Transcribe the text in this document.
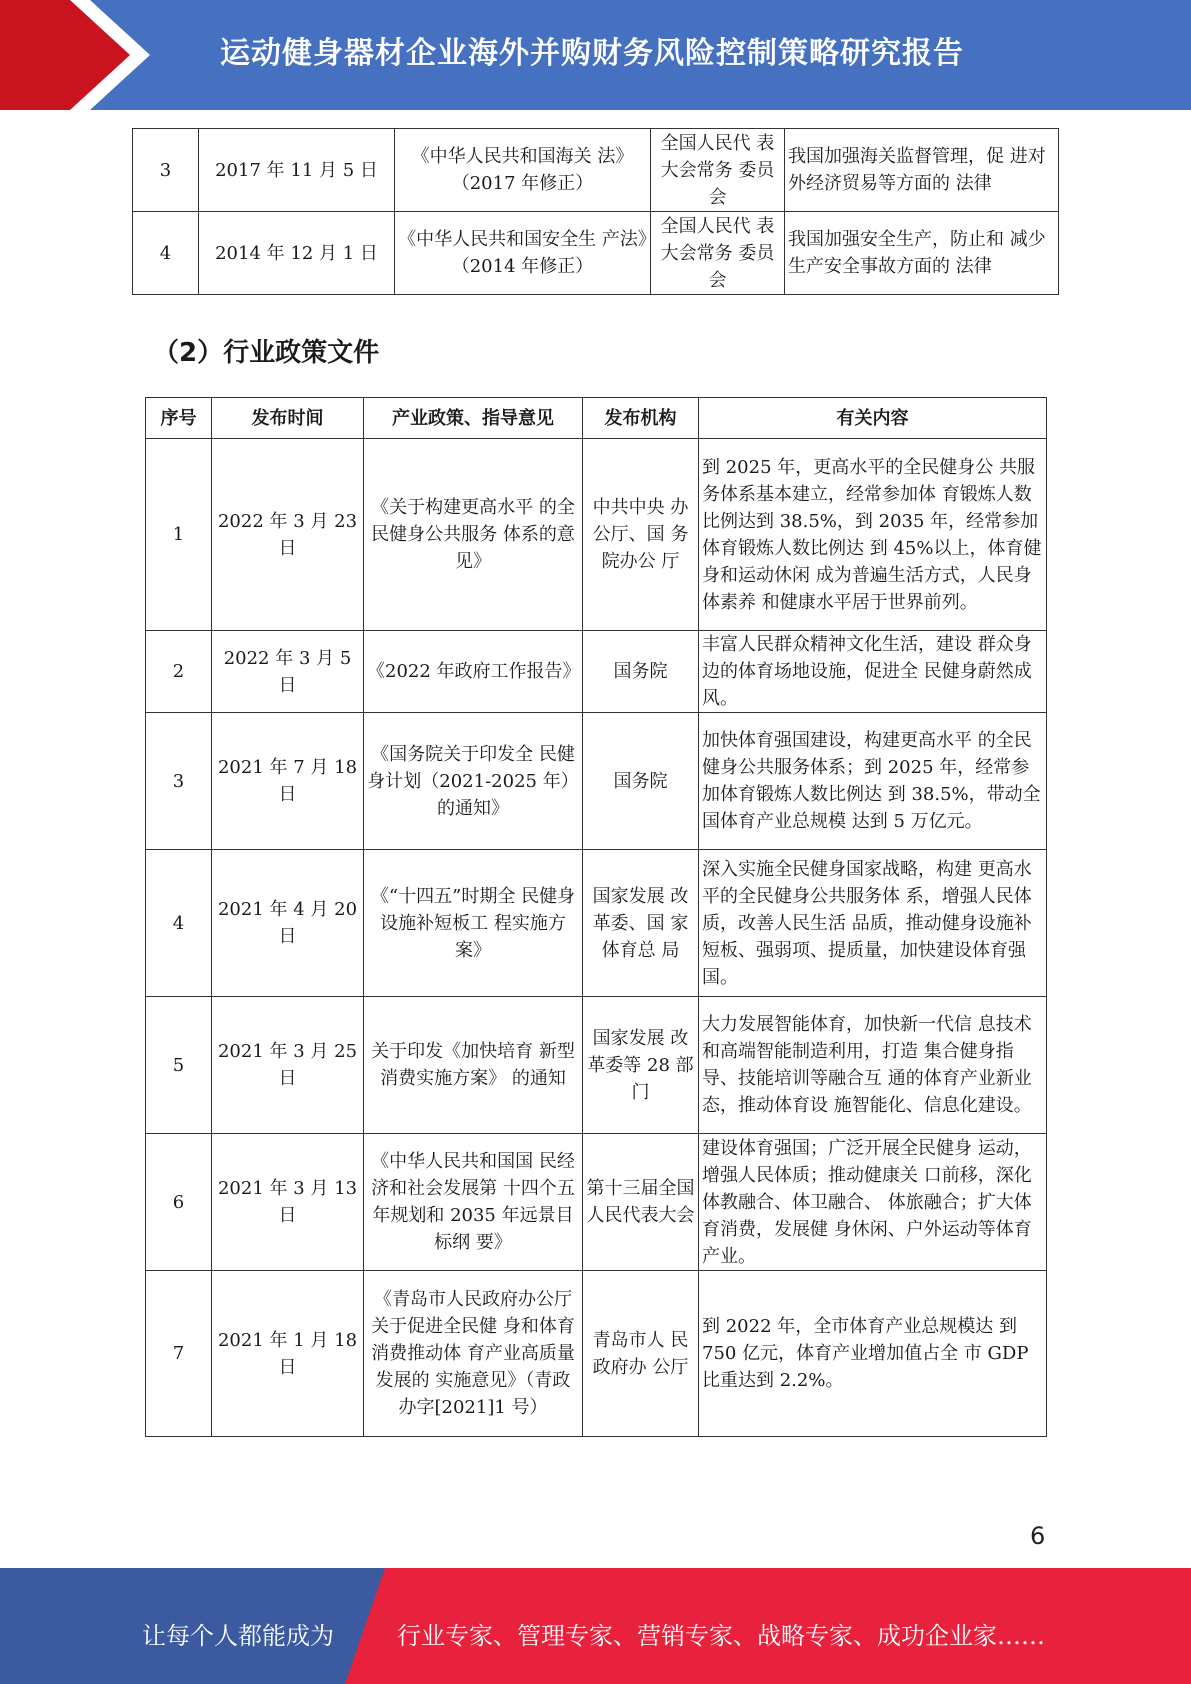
运动健身器材企业海外并购财务风险控制策略研究报告
3	2017 年 11 月 5 日	《中华人民共和国海关 法》（2017 年修正）	全国人民代 表大会常务 委员会	我国加强海关监督管理，促 进对外经济贸易等方面的 法律
4	2014 年 12 月 1 日	《中华人民共和国安全生 产法》（2014 年修正）	全国人民代 表大会常务 委员会	我国加强安全生产，防止和 减少生产安全事故方面的 法律
（2）行业政策文件
序号	发布时间	产业政策、指导意见	发布机构	有关内容
1	2022 年 3 月 23 日	《关于构建更高水平 的全民健身公共服务 体系的意见》	中共中央 办公厅、国 务院办公 厅	到 2025 年，更高水平的全民健身公 共服务体系基本建立，经常参加体 育锻炼人数比例达到 38.5%，到 2035 年，经常参加体育锻炼人数比例达 到 45%以上，体育健身和运动休闲 成为普遍生活方式，人民身体素养 和健康水平居于世界前列。
2	2022 年 3 月 5 日	《2022 年政府工作报告》	国务院	丰富人民群众精神文化生活，建设 群众身边的体育场地设施，促进全 民健身蔚然成风。
3	2021 年 7 月 18 日	《国务院关于印发全 民健身计划（2021-2025 年）的通知》	国务院	加快体育强国建设，构建更高水平 的全民健身公共服务体系；到 2025 年，经常参加体育锻炼人数比例达 到 38.5%，带动全国体育产业总规模 达到 5 万亿元。
4	2021 年 4 月 20 日	《“十四五”时期全 民健身设施补短板工 程实施方案》	国家发展 改革委、国 家体育总 局	深入实施全民健身国家战略，构建 更高水平的全民健身公共服务体 系，增强人民体质，改善人民生活 品质，推动健身设施补短板、强弱项、提质量，加快建设体育强国。
5	2021 年 3 月 25 日	关于印发《加快培育 新型消费实施方案》 的通知	国家发展 改革委等 28 部门	大力发展智能体育，加快新一代信 息技术和高端智能制造利用，打造 集合健身指导、技能培训等融合互 通的体育产业新业态，推动体育设 施智能化、信息化建设。
6	2021 年 3 月 13 日	《中华人民共和国国 民经济和社会发展第 十四个五年规划和 2035 年远景目标纲 要》	第十三届全国人民代表大会	建设体育强国；广泛开展全民健身 运动，增强人民体质；推动健康关 口前移，深化体教融合、体卫融合、 体旅融合；扩大体育消费，发展健 身休闲、户外运动等体育产业。
7	2021 年 1 月 18 日	《青岛市人民政府办公厅关于促进全民健 身和体育消费推动体 育产业高质量发展的 实施意见》（青政办字[2021]1 号）	青岛市人 民政府办 公厅	到 2022 年，全市体育产业总规模达 到 750 亿元，体育产业增加值占全 市 GDP 比重达到 2.2%。
6
让每个人都能成为	行业专家、管理专家、营销专家、战略专家、成功企业家……
